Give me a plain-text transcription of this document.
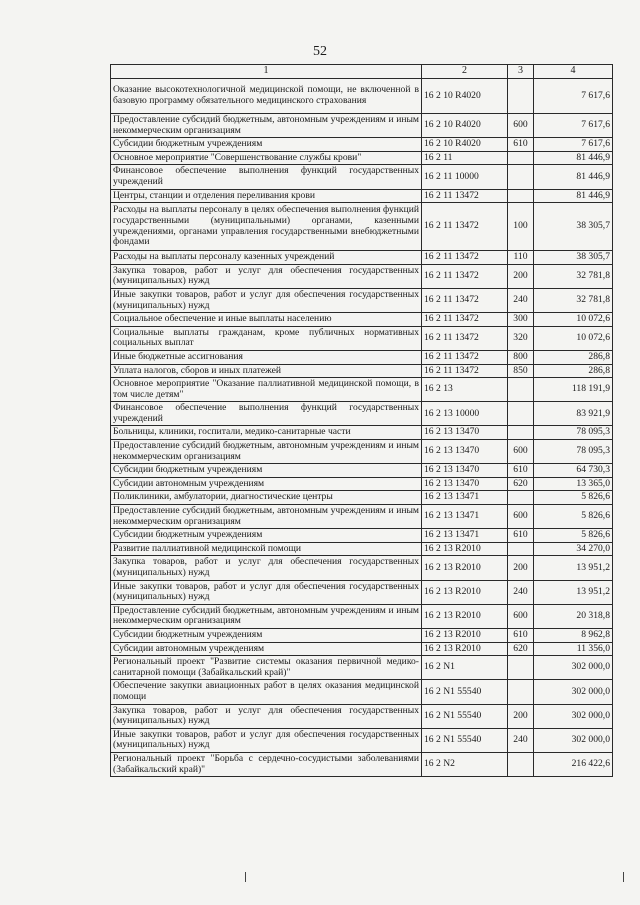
52
1	2	3	4
Оказание высокотехнологичной медицинской помощи, не включенной в базовую программу обязательного медицинского страхования	16 2 10 R4020		7 617,6
Предоставление субсидий бюджетным, автономным учреждениям и иным некоммерческим организациям	16 2 10 R4020	600	7 617,6
Субсидии бюджетным учреждениям	16 2 10 R4020	610	7 617,6
Основное мероприятие "Совершенствование службы крови"	16 2 11		81 446,9
Финансовое обеспечение выполнения функций государственных учреждений	16 2 11 10000		81 446,9
Центры, станции и отделения переливания крови	16 2 11 13472		81 446,9
Расходы на выплаты персоналу в целях обеспечения выполнения функций государственными (муниципальными) органами, казенными учреждениями, органами управления государственными внебюджетными фондами	16 2 11 13472	100	38 305,7
Расходы на выплаты персоналу казенных учреждений	16 2 11 13472	110	38 305,7
Закупка товаров, работ и услуг для обеспечения государственных (муниципальных) нужд	16 2 11 13472	200	32 781,8
Иные закупки товаров, работ и услуг для обеспечения государственных (муниципальных) нужд	16 2 11 13472	240	32 781,8
Социальное обеспечение и иные выплаты населению	16 2 11 13472	300	10 072,6
Социальные выплаты гражданам, кроме публичных нормативных социальных выплат	16 2 11 13472	320	10 072,6
Иные бюджетные ассигнования	16 2 11 13472	800	286,8
Уплата налогов, сборов и иных платежей	16 2 11 13472	850	286,8
Основное мероприятие "Оказание паллиативной медицинской помощи, в том числе детям"	16 2 13		118 191,9
Финансовое обеспечение выполнения функций государственных учреждений	16 2 13 10000		83 921,9
Больницы, клиники, госпитали, медико-санитарные части	16 2 13 13470		78 095,3
Предоставление субсидий бюджетным, автономным учреждениям и иным некоммерческим организациям	16 2 13 13470	600	78 095,3
Субсидии бюджетным учреждениям	16 2 13 13470	610	64 730,3
Субсидии автономным учреждениям	16 2 13 13470	620	13 365,0
Поликлиники, амбулатории, диагностические центры	16 2 13 13471		5 826,6
Предоставление субсидий бюджетным, автономным учреждениям и иным некоммерческим организациям	16 2 13 13471	600	5 826,6
Субсидии бюджетным учреждениям	16 2 13 13471	610	5 826,6
Развитие паллиативной медицинской помощи	16 2 13 R2010		34 270,0
Закупка товаров, работ и услуг для обеспечения государственных (муниципальных) нужд	16 2 13 R2010	200	13 951,2
Иные закупки товаров, работ и услуг для обеспечения государственных (муниципальных) нужд	16 2 13 R2010	240	13 951,2
Предоставление субсидий бюджетным, автономным учреждениям и иным некоммерческим организациям	16 2 13 R2010	600	20 318,8
Субсидии бюджетным учреждениям	16 2 13 R2010	610	8 962,8
Субсидии автономным учреждениям	16 2 13 R2010	620	11 356,0
Региональный проект "Развитие системы оказания первичной медико-санитарной помощи (Забайкальский край)"	16 2 N1		302 000,0
Обеспечение закупки авиационных работ в целях оказания медицинской помощи	16 2 N1 55540		302 000,0
Закупка товаров, работ и услуг для обеспечения государственных (муниципальных) нужд	16 2 N1 55540	200	302 000,0
Иные закупки товаров, работ и услуг для обеспечения государственных (муниципальных) нужд	16 2 N1 55540	240	302 000,0
Региональный проект "Борьба с сердечно-сосудистыми заболеваниями (Забайкальский край)"	16 2 N2		216 422,6
